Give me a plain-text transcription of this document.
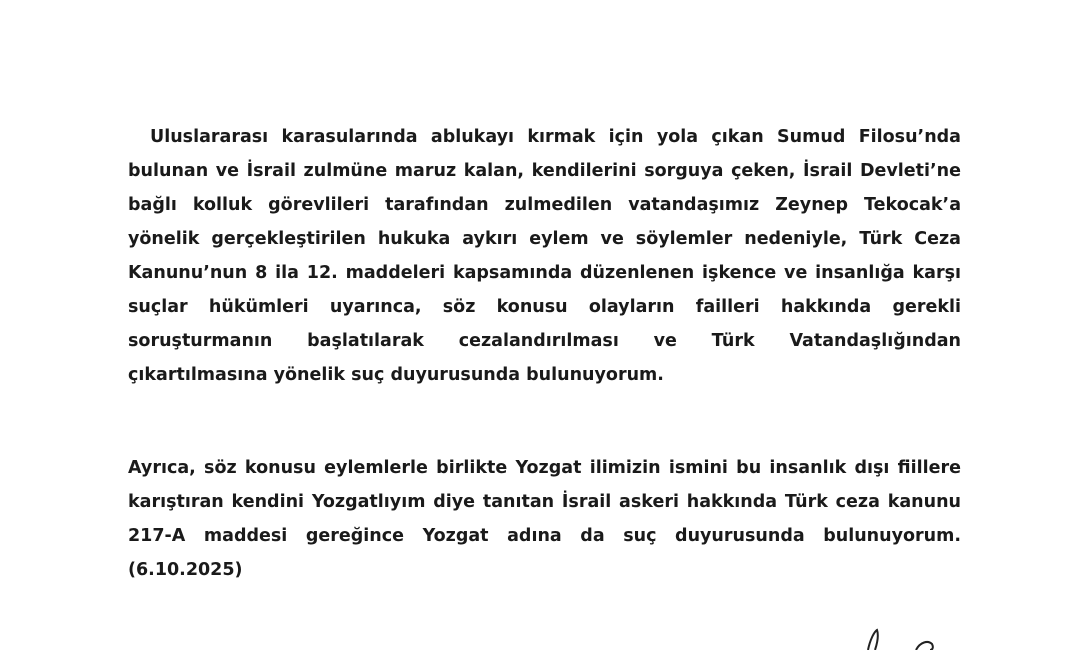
Uluslararası karasularında ablukayı kırmak için yola çıkan Sumud Filosu’nda bulunan ve İsrail zulmüne maruz kalan, kendilerini sorguya çeken, İsrail Devleti’ne bağlı kolluk görevlileri tarafından zulmedilen vatandaşımız Zeynep Tekocak’a yönelik gerçekleştirilen hukuka aykırı eylem ve söylemler nedeniyle, Türk Ceza Kanunu’nun 8 ila 12. maddeleri kapsamında düzenlenen işkence ve insanlığa karşı suçlar hükümleri uyarınca, söz konusu olayların failleri hakkında gerekli soruşturmanın başlatılarak cezalandırılması ve Türk Vatandaşlığından çıkartılmasına yönelik suç duyurusunda bulunuyorum.

Ayrıca, söz konusu eylemlerle birlikte Yozgat ilimizin ismini bu insanlık dışı fiillere karıştıran kendini Yozgatlıyım diye tanıtan İsrail askeri hakkında Türk ceza kanunu 217-A maddesi gereğince Yozgat adına da suç duyurusunda bulunuyorum. (6.10.2025)
